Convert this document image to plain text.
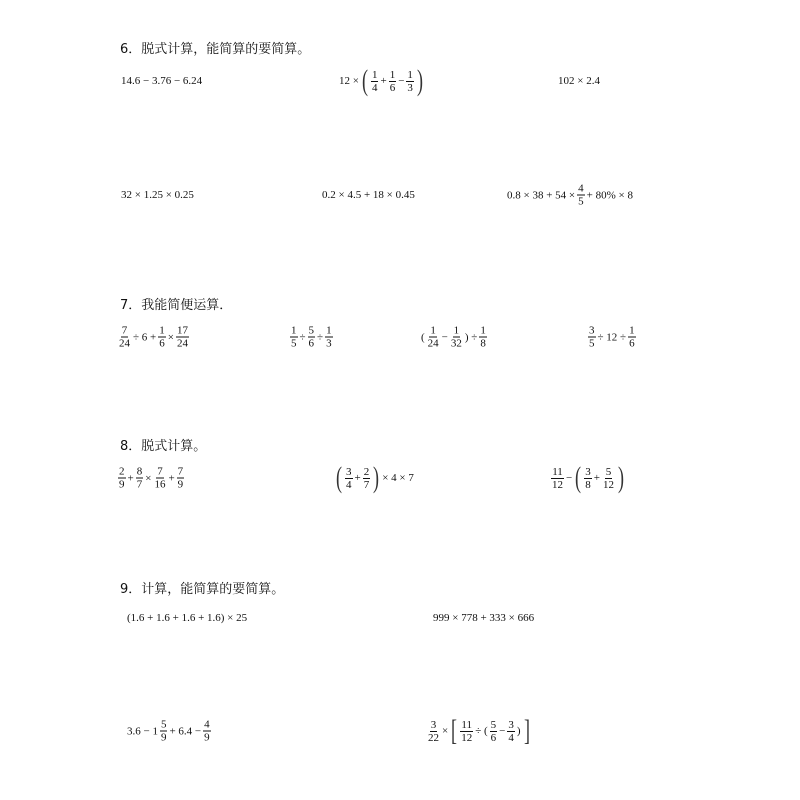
6．脱式计算，能简算的要简算。
14.6 − 3.76 − 6.24	12 × ( $\frac{1}{4} + \frac{1}{6} - \frac{1}{3}$ )	102 × 2.4
32 × 1.25 × 0.25	0.2 × 4.5 + 18 × 0.45	$0.8 \times 38 + 54 \times \frac{4}{5} + 80\% \times 8$
7．我能简便运算．
$\frac{7}{24} \div 6 + \frac{1}{6} \times \frac{17}{24}$	$\frac{1}{5} \div \frac{5}{6} \div \frac{1}{3}$	( $\frac{1}{24} - \frac{1}{32}$ ) ÷ $\frac{1}{8}$	$\frac{3}{5} \div 12 \div \frac{1}{6}$
8．脱式计算。
$\frac{2}{9} + \frac{8}{7} \times \frac{7}{16} + \frac{7}{9}$	( $\frac{3}{4} + \frac{2}{7}$ ) × 4 × 7	$\frac{11}{12}$ − ( $\frac{3}{8} + \frac{5}{12}$ )
9．计算，能简算的要简算。
(1.6 + 1.6 + 1.6 + 1.6) × 25	999 × 778 + 333 × 666
$3.6 - 1 \frac{5}{9} + 6.4 - \frac{4}{9}$	$\frac{3}{22}$ × [ $\frac{11}{12}$ ÷ ( $\frac{5}{6} - \frac{3}{4}$ ) ]
